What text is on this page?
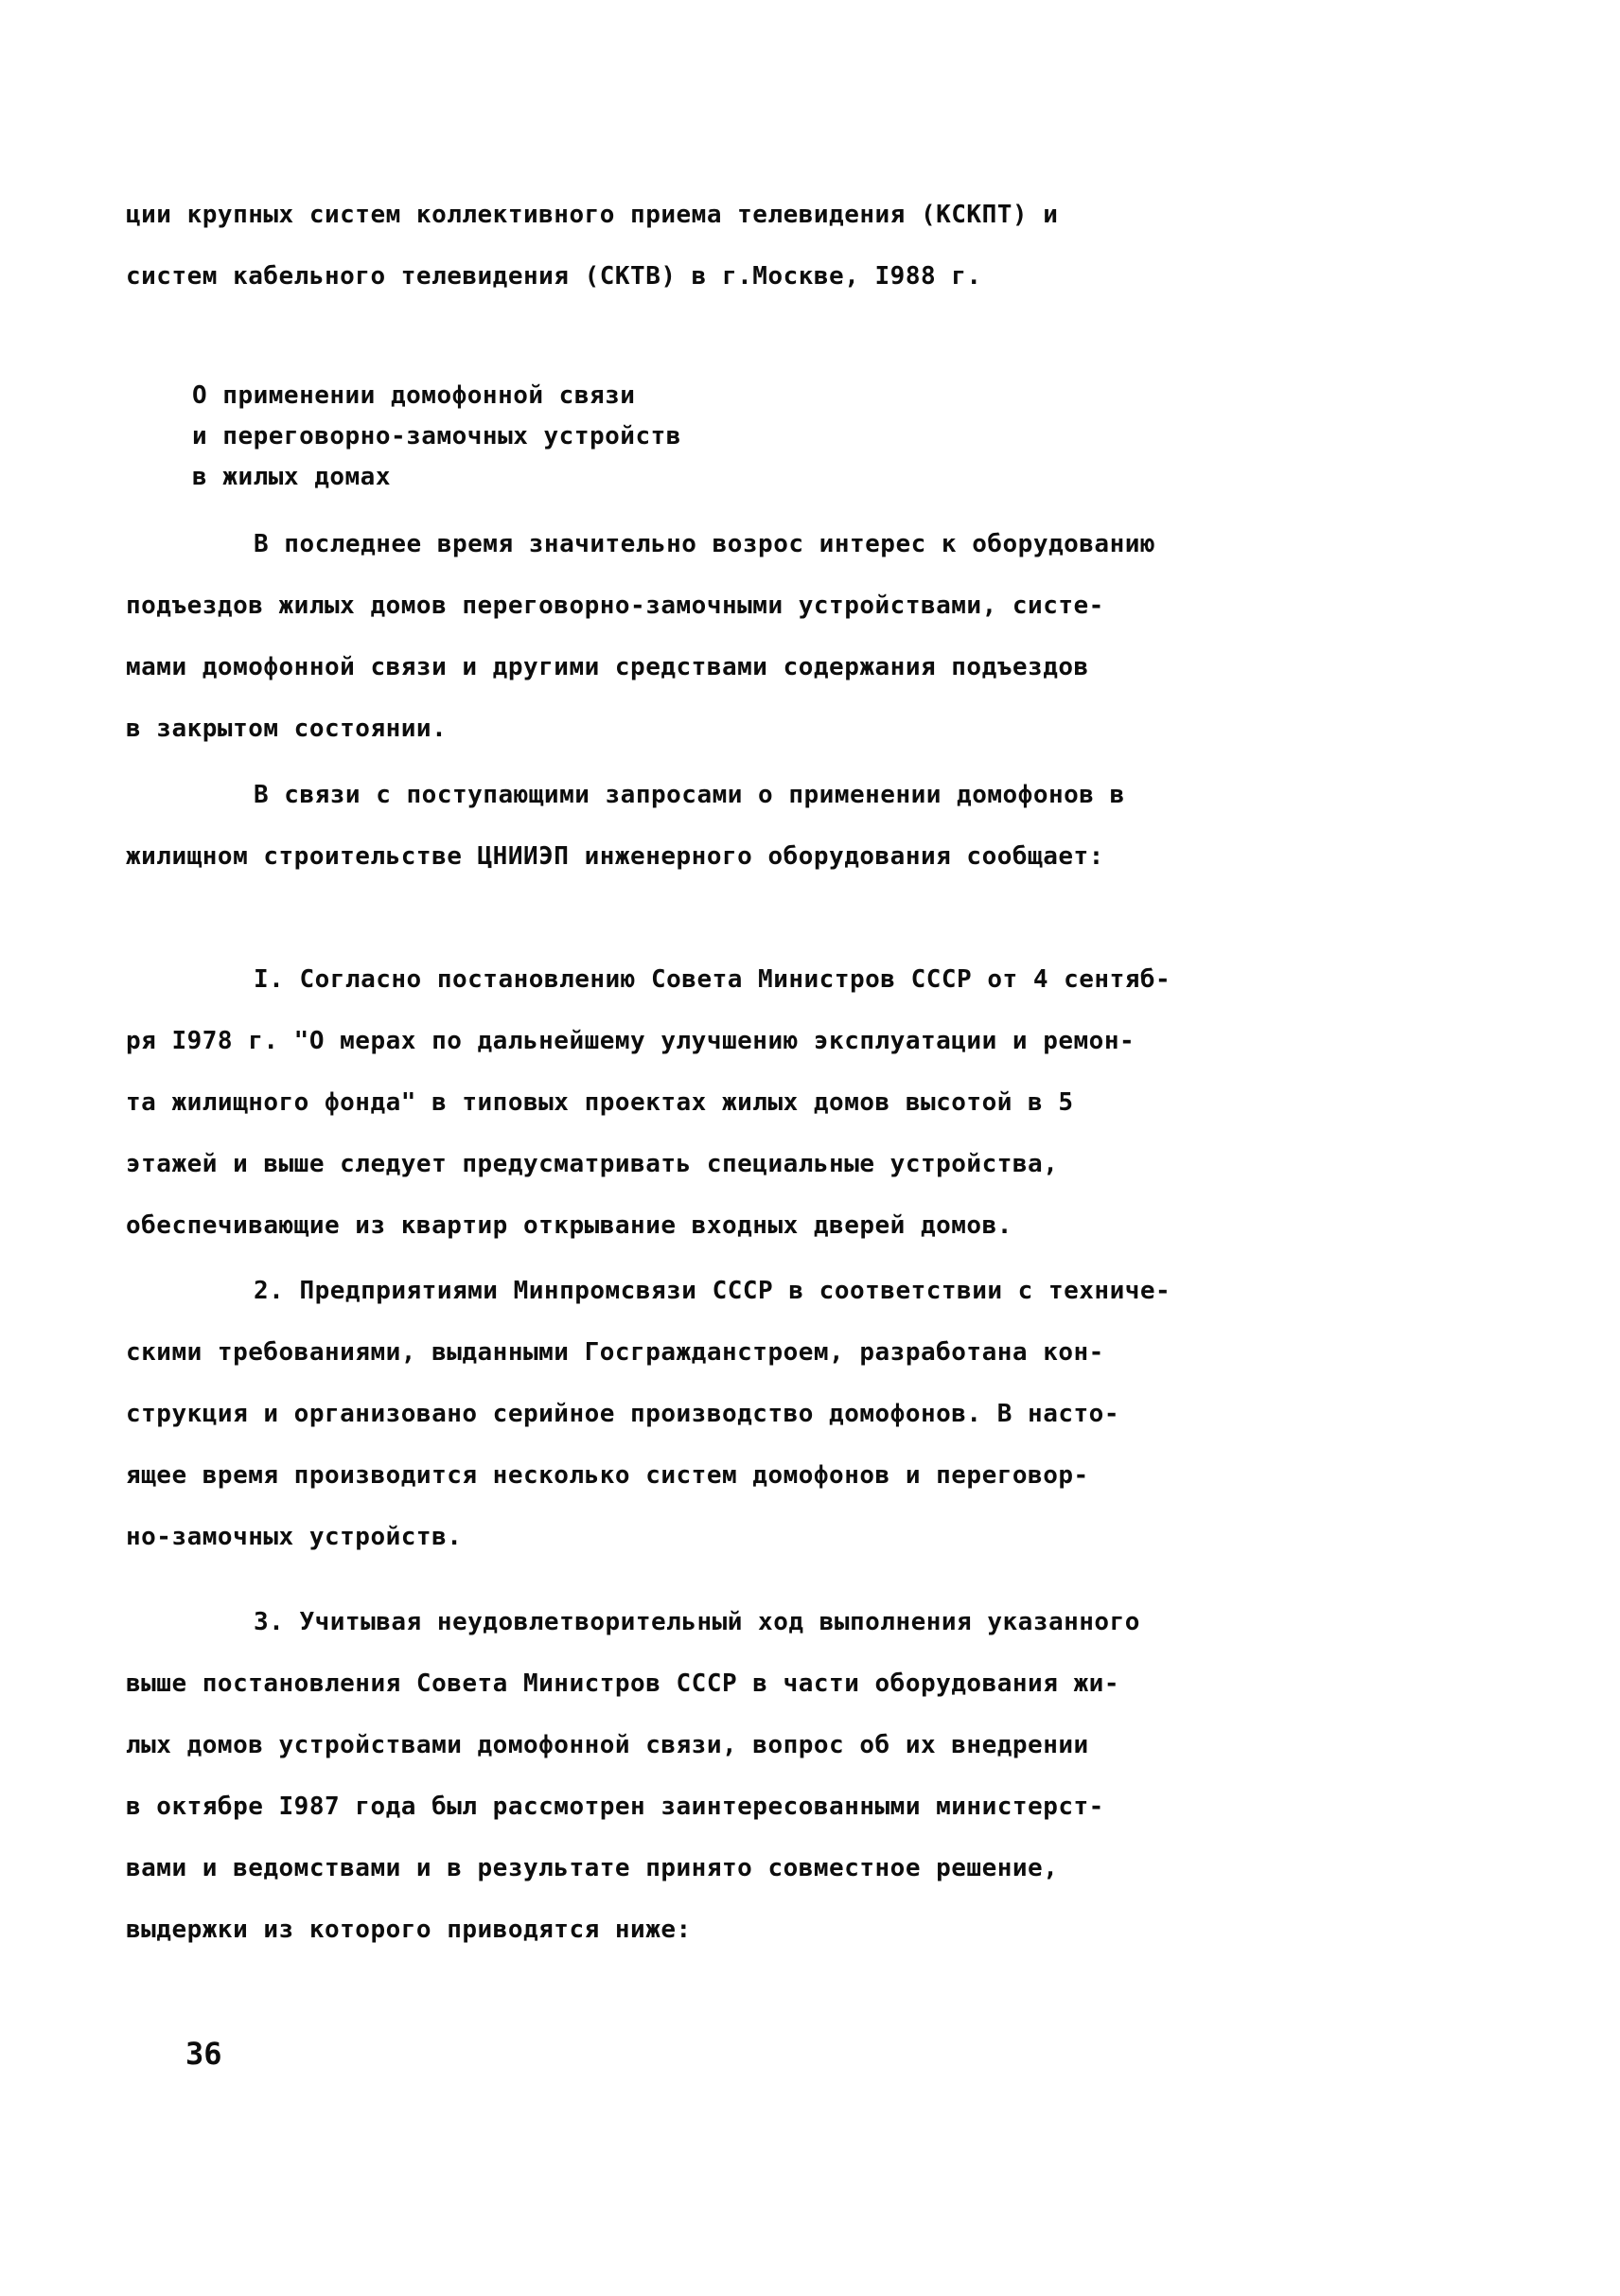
ции крупных систем коллективного приема телевидения (КСКПТ) и
систем кабельного телевидения (СКТВ) в г.Москве, I988 г.
О применении домофонной связи
и переговорно-замочных устройств
в жилых домах
В последнее время значительно возрос интерес к оборудованию
подъездов жилых домов переговорно-замочными устройствами, систе-
мами домофонной связи и другими средствами содержания подъездов
в закрытом состоянии.
В связи с поступающими запросами о применении домофонов в
жилищном строительстве ЦНИИЭП инженерного оборудования сообщает:
I. Согласно постановлению Совета Министров СССР от 4 сентяб-
ря I978 г. "О мерах по дальнейшему улучшению эксплуатации и ремон-
та жилищного фонда" в типовых проектах жилых домов высотой в 5
этажей и выше следует предусматривать специальные устройства,
обеспечивающие из квартир открывание входных дверей домов.
2. Предприятиями Минпромсвязи СССР в соответствии с техниче-
скими требованиями, выданными Госгражданстроем, разработана кон-
струкция и организовано серийное производство домофонов. В насто-
ящее время производится несколько систем домофонов и переговор-
но-замочных устройств.
3. Учитывая неудовлетворительный ход выполнения указанного
выше постановления Совета Министров СССР в части оборудования жи-
лых домов устройствами домофонной связи, вопрос об их внедрении
в октябре I987 года был рассмотрен заинтересованными министерст-
вами и ведомствами и в результате принято совместное решение,
выдержки из которого приводятся ниже:
36
